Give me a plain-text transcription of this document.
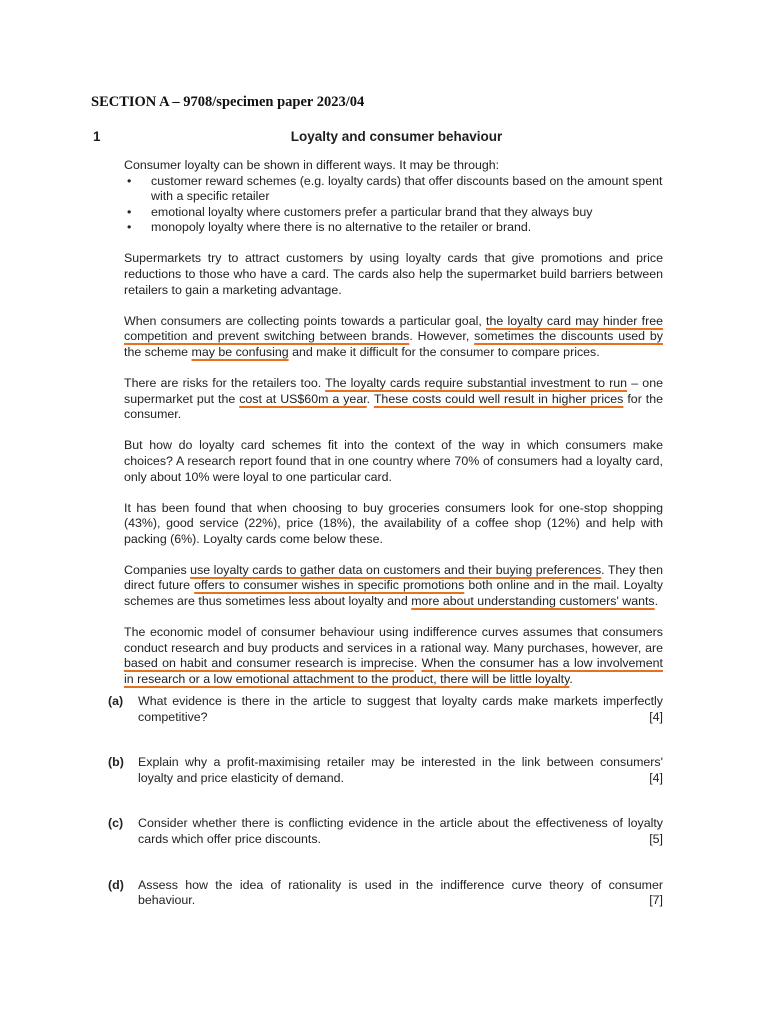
SECTION A – 9708/specimen paper 2023/04
1	Loyalty and consumer behaviour

Consumer loyalty can be shown in different ways. It may be through:

• customer reward schemes (e.g. loyalty cards) that offer discounts based on the amount spent with a specific retailer
• emotional loyalty where customers prefer a particular brand that they always buy
• monopoly loyalty where there is no alternative to the retailer or brand.

Supermarkets try to attract customers by using loyalty cards that give promotions and price reductions to those who have a card. The cards also help the supermarket build barriers between retailers to gain a marketing advantage.

When consumers are collecting points towards a particular goal, the loyalty card may hinder free competition and prevent switching between brands. However, sometimes the discounts used by the scheme may be confusing and make it difficult for the consumer to compare prices.

There are risks for the retailers too. The loyalty cards require substantial investment to run – one supermarket put the cost at US$60m a year. These costs could well result in higher prices for the consumer.

But how do loyalty card schemes fit into the context of the way in which consumers make choices? A research report found that in one country where 70% of consumers had a loyalty card, only about 10% were loyal to one particular card.

It has been found that when choosing to buy groceries consumers look for one-stop shopping (43%), good service (22%), price (18%), the availability of a coffee shop (12%) and help with packing (6%). Loyalty cards come below these.

Companies use loyalty cards to gather data on customers and their buying preferences. They then direct future offers to consumer wishes in specific promotions both online and in the mail. Loyalty schemes are thus sometimes less about loyalty and more about understanding customers' wants.

The economic model of consumer behaviour using indifference curves assumes that consumers conduct research and buy products and services in a rational way. Many purchases, however, are based on habit and consumer research is imprecise. When the consumer has a low involvement in research or a low emotional attachment to the product, there will be little loyalty.

(a) What evidence is there in the article to suggest that loyalty cards make markets imperfectly competitive?	[4]
(b) Explain why a profit-maximising retailer may be interested in the link between consumers' loyalty and price elasticity of demand.	[4]
(c) Consider whether there is conflicting evidence in the article about the effectiveness of loyalty cards which offer price discounts.	[5]
(d) Assess how the idea of rationality is used in the indifference curve theory of consumer behaviour.	[7]
